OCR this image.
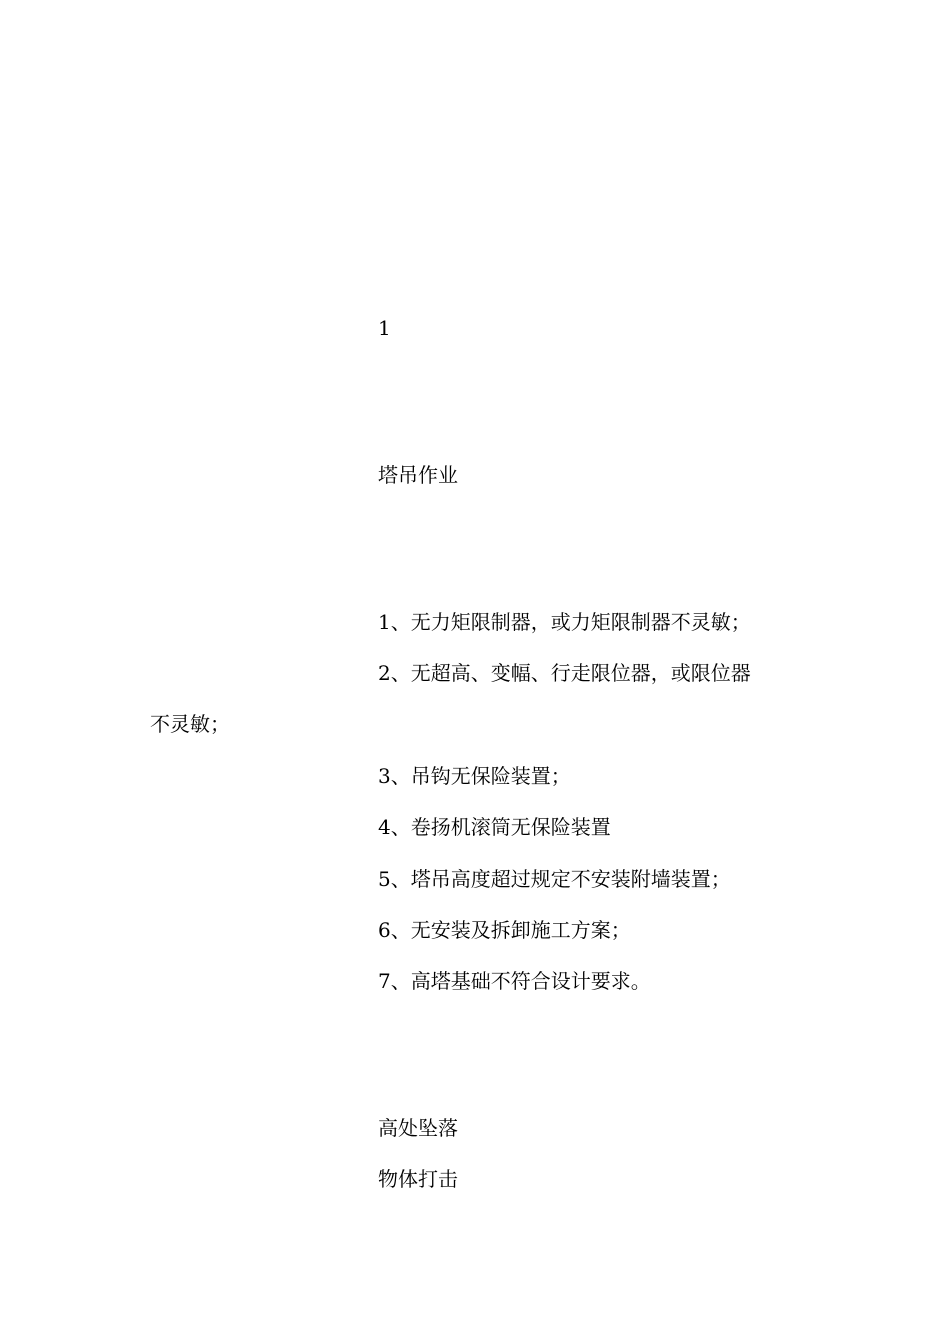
1
塔吊作业
1、无力矩限制器，或力矩限制器不灵敏；
2、无超高、变幅、行走限位器，或限位器
不灵敏；
3、吊钩无保险装置；
4、卷扬机滚筒无保险装置
5、塔吊高度超过规定不安装附墙装置；
6、无安装及拆卸施工方案；
7、高塔基础不符合设计要求。
高处坠落
物体打击
